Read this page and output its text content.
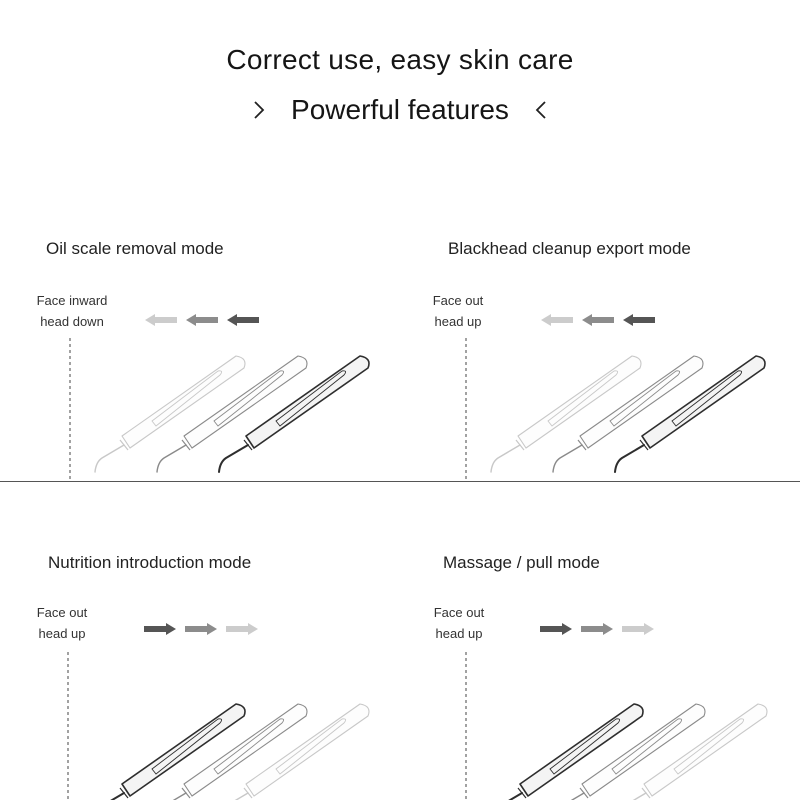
Correct use, easy skin care
Powerful features
Oil scale removal mode
Face inward
head down
Blackhead cleanup export mode
Face out
head up
Nutrition introduction mode
Face out
head up
Massage / pull mode
Face out
head up
